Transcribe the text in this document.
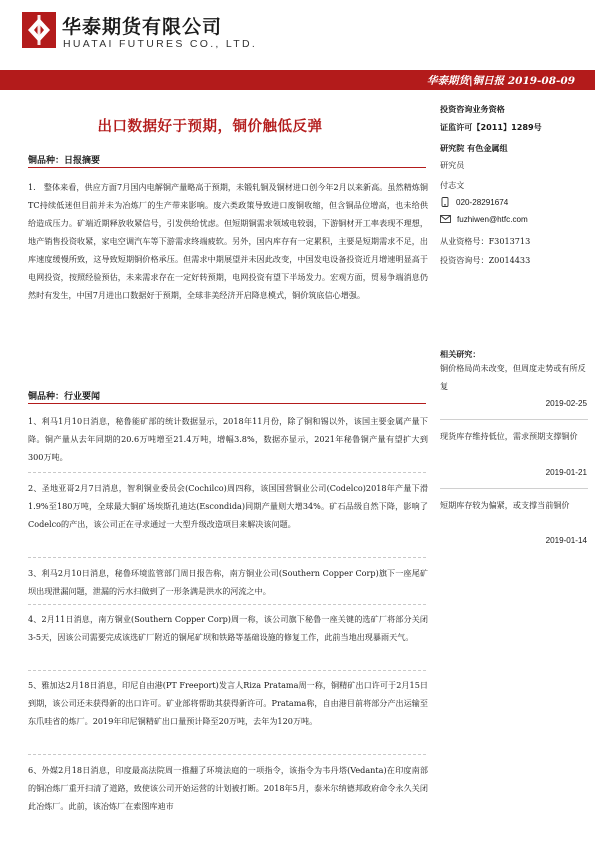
华泰期货有限公司
HUATAI FUTURES CO., LTD.
华泰期货|铜日报 2019-08-09
出口数据好于预期，铜价触低反弹
铜品种：日报摘要
1.　整体来看，供应方面7月国内电解铜产量略高于预期，未锻轧铜及铜材进口创今年2月以来新高。虽然精炼铜TC持续低迷但目前并未为冶炼厂的生产带来影响。废六类政策导致进口废铜收缩，但含铜品位增高，也未给供给造成压力。矿端近期释放收紧信号，引发供给忧虑。但短期铜需求领域电较弱，下游铜材开工率表现不理想，地产销售投资收紧，家电空调汽车等下游需求终端疲软。另外，国内库存有一定累积，主要是短期需求不足，出库速度缓慢所致，这导致短期铜价格承压。但需求中期展望并未因此改变，中国发电设备投资近月增速明显高于电网投资，按照经验预估，未来需求存在一定好转预期，电网投资有望下半场发力。宏观方面，贸易争端消息仍然时有发生，中国7月进出口数据好于预期，全球非美经济开启降息模式，铜价筑底信心增强。
铜品种：行业要闻
1、利马1月10日消息，秘鲁能矿部的统计数据显示，2018年11月份，除了铜和锡以外，该国主要金属产量下降。铜产量从去年同期的20.6万吨增至21.4万吨，增幅3.8%，数据亦显示，2021年秘鲁铜产量有望扩大到300万吨。
2、圣地亚哥2月7日消息，智利铜业委员会(Cochilco)周四称，该国国营铜业公司(Codelco)2018年产量下滑1.9%至180万吨，全球最大铜矿场埃斯孔迪达(Escondida)同期产量则大增34%。矿石品级自然下降，影响了Codelco的产出，该公司正在寻求通过一大型升级改造项目来解决该问题。
3、利马2月10日消息，秘鲁环境监管部门周日报告称，南方铜业公司(Southern Copper Corp)旗下一座尾矿坝出现泄漏问题，泄漏的污水扫做到了一形条满是洪水的河流之中。
4、2月11日消息，南方铜业(Southern Copper Corp)周一称，该公司旗下秘鲁一座关键的选矿厂将部分关闭3-5天，因该公司需要完成该选矿厂附近的铜尾矿坝和铁路等基础设施的修复工作，此前当地出现暴雨天气。
5、雅加达2月18日消息，印尼自由港(PT Freeport)发言人Riza Pratama周一称，铜精矿出口许可于2月15日到期，该公司还未获得新的出口许可。矿业部将帮助其获得新许可。Pratama称，自由港目前将部分产出运输至东爪哇省的炼厂。2019年印尼铜精矿出口量预计降至20万吨，去年为120万吨。
6、外媒2月18日消息，印度最高法院周一推翻了环境法庭的一项指令，该指令为韦丹塔(Vedanta)在印度南部的铜冶炼厂重开扫清了道路，致使该公司开始运营的计划被打断。2018年5月，泰米尔纳德邦政府命令永久关闭此冶炼厂。此前，该冶炼厂在索图库迪市
投资咨询业务资格
证监许可【2011】1289号
研究院 有色金属组
研究员
付志文
020-28291674
fuzhiwen@htfc.com
从业资格号：F3013713
投资咨询号：Z0014433
相关研究：
铜价格局尚未改变，但周度走势或有所反复
2019-02-25
现货库存维持低位，需求预期支撑铜价
2019-01-21
短期库存较为偏紧，或支撑当前铜价
2019-01-14
